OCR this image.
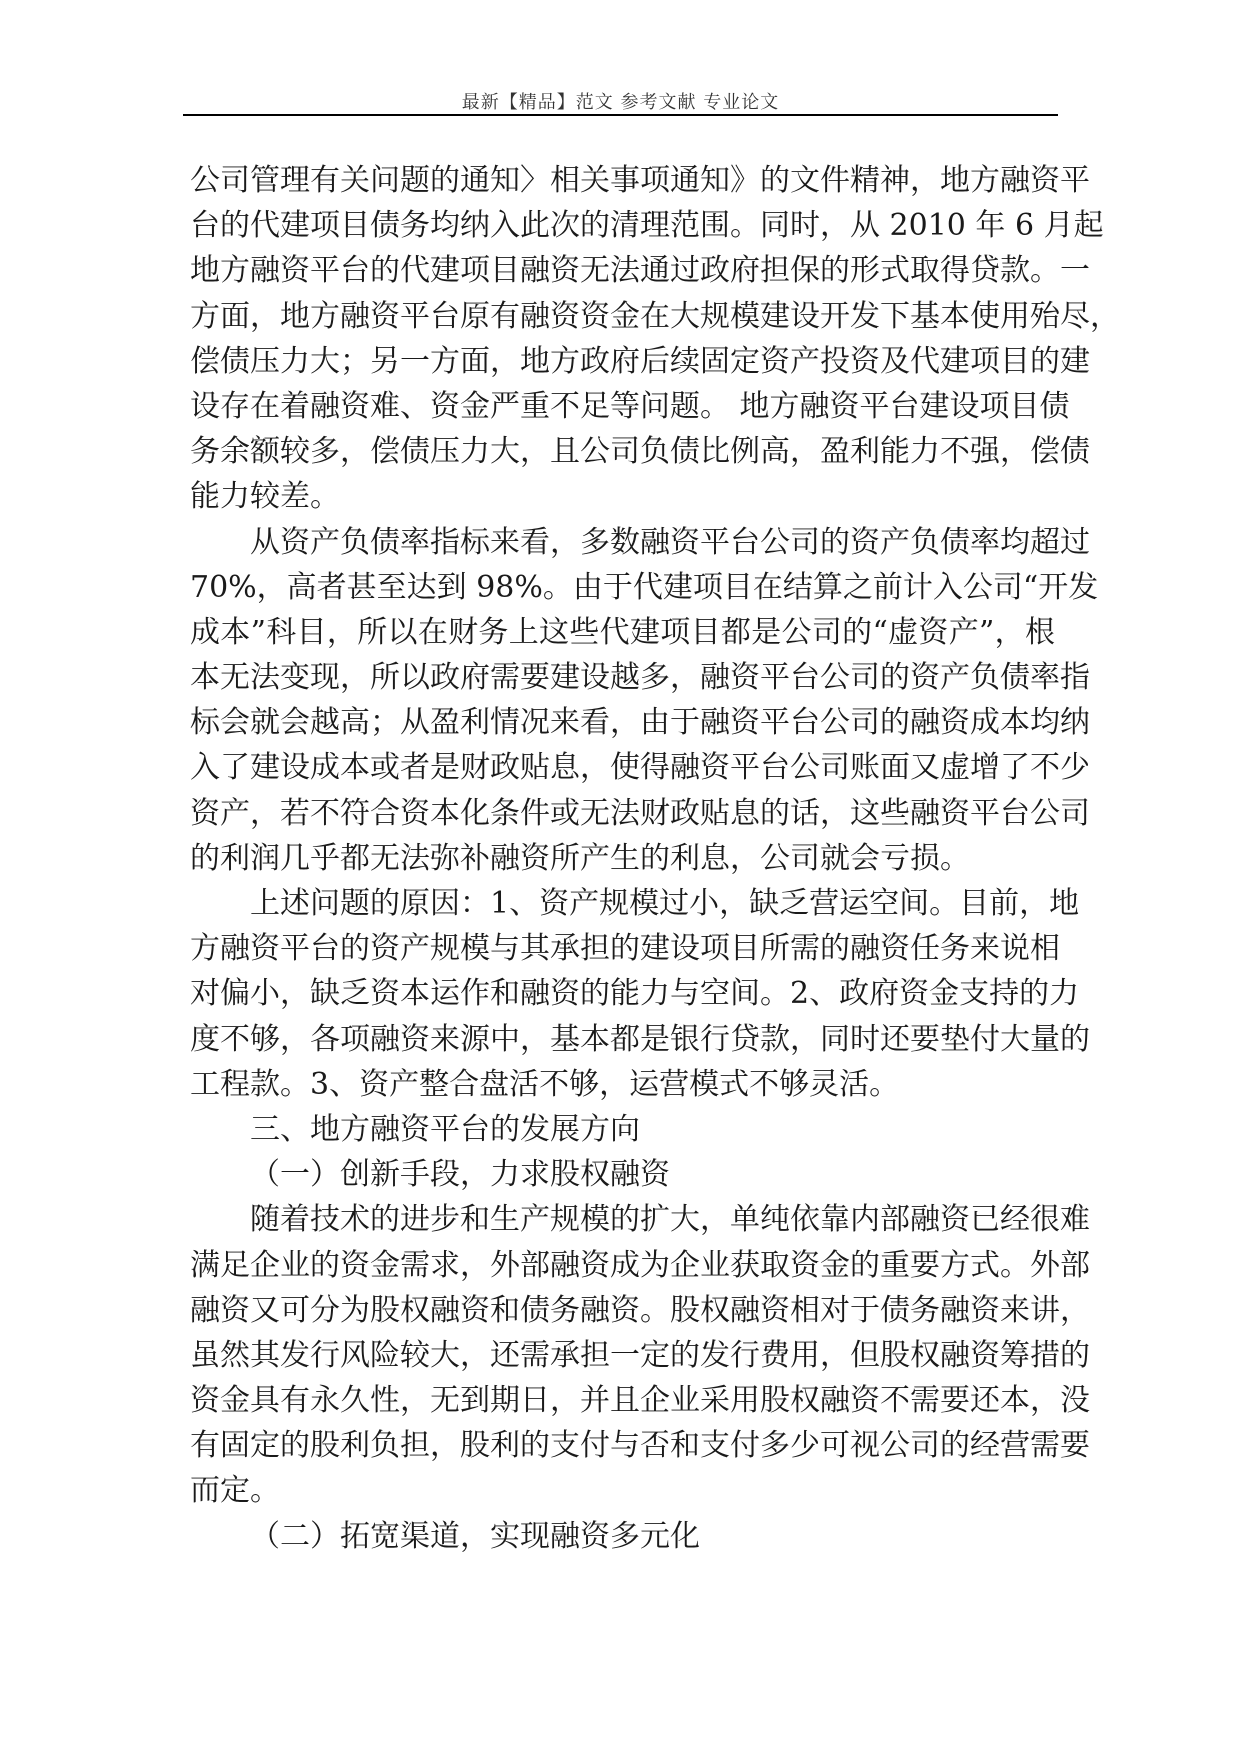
最新【精品】范文 参考文献 专业论文
公司管理有关问题的通知〉相关事项通知》的文件精神，地方融资平
台的代建项目债务均纳入此次的清理范围。同时，从 2010 年 6 月起
地方融资平台的代建项目融资无法通过政府担保的形式取得贷款。一
方面，地方融资平台原有融资资金在大规模建设开发下基本使用殆尽，
偿债压力大；另一方面，地方政府后续固定资产投资及代建项目的建
设存在着融资难、资金严重不足等问题。 地方融资平台建设项目债
务余额较多，偿债压力大，且公司负债比例高，盈利能力不强，偿债
能力较差。
从资产负债率指标来看，多数融资平台公司的资产负债率均超过
70%，高者甚至达到 98%。由于代建项目在结算之前计入公司“开发
成本”科目，所以在财务上这些代建项目都是公司的“虚资产”，根
本无法变现，所以政府需要建设越多，融资平台公司的资产负债率指
标会就会越高；从盈利情况来看，由于融资平台公司的融资成本均纳
入了建设成本或者是财政贴息，使得融资平台公司账面又虚增了不少
资产，若不符合资本化条件或无法财政贴息的话，这些融资平台公司
的利润几乎都无法弥补融资所产生的利息，公司就会亏损。
上述问题的原因：1、资产规模过小，缺乏营运空间。目前，地
方融资平台的资产规模与其承担的建设项目所需的融资任务来说相
对偏小，缺乏资本运作和融资的能力与空间。2、政府资金支持的力
度不够，各项融资来源中，基本都是银行贷款，同时还要垫付大量的
工程款。3、资产整合盘活不够，运营模式不够灵活。
三、地方融资平台的发展方向
（一）创新手段，力求股权融资
随着技术的进步和生产规模的扩大，单纯依靠内部融资已经很难
满足企业的资金需求，外部融资成为企业获取资金的重要方式。外部
融资又可分为股权融资和债务融资。股权融资相对于债务融资来讲，
虽然其发行风险较大，还需承担一定的发行费用，但股权融资筹措的
资金具有永久性，无到期日，并且企业采用股权融资不需要还本，没
有固定的股利负担，股利的支付与否和支付多少可视公司的经营需要
而定。
（二）拓宽渠道，实现融资多元化
